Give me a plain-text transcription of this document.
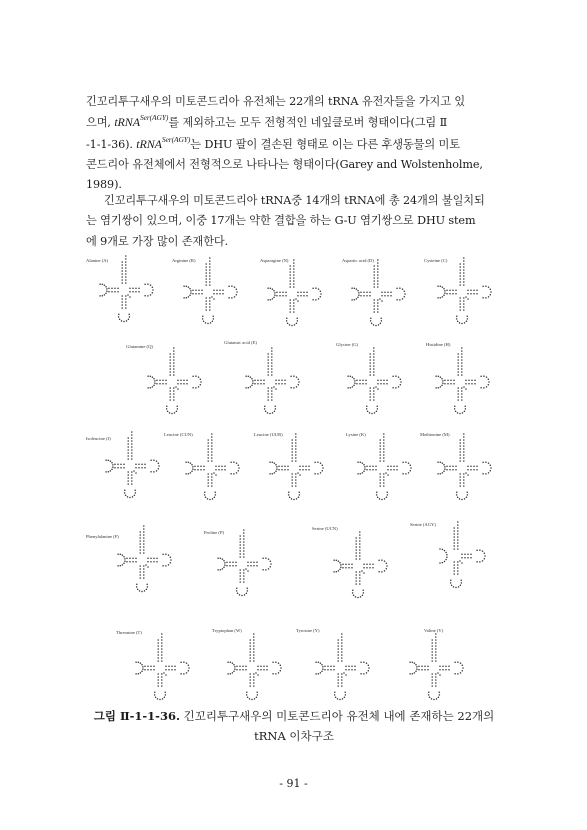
긴꼬리투구새우의 미토콘드리아 유전체는 22개의 tRNA 유전자들을 가지고 있
으며, tRNA$^{Ser(AGY)}$를 제외하고는 모두 전형적인 네잎클로버 형태이다(그림 Ⅱ
-1-1-36). tRNA$^{Ser(AGY)}$는 DHU 팔이 결손된 형태로 이는 다른 후생동물의 미토
콘드리아 유전체에서 전형적으로 나타나는 형태이다(Garey and Wolstenholme,
1989).
긴꼬리투구새우의 미토콘드리아 tRNA중 14개의 tRNA에 총 24개의 불일치되
는 염기쌍이 있으며, 이중 17개는 약한 결합을 하는 G-U 염기쌍으로 DHU stem
에 9개로 가장 많이 존재한다.
Alanine (A)	Arginine (R)	Asparagine (N)	Aspartic acid (D)	Cysteine (C)
Glutamine (Q)
Glutamic acid (E)	Glycine (G)	Histidine (H)
Isoleucine (I)
Leucine (CUN)	Leucine (UUR)	Lysine (K)	Methionine (M)
Phenylalanine (F)
Proline (P)
Serine (UCN)
Serine (AGY)
Threonine (T)	Tryptophan (W)	Tyrosine (Y)	Valine (V)
그림 Ⅱ-1-1-36. 긴꼬리투구새우의 미토콘드리아 유전체 내에 존재하는 22개의
tRNA 이차구조
- 91 -
